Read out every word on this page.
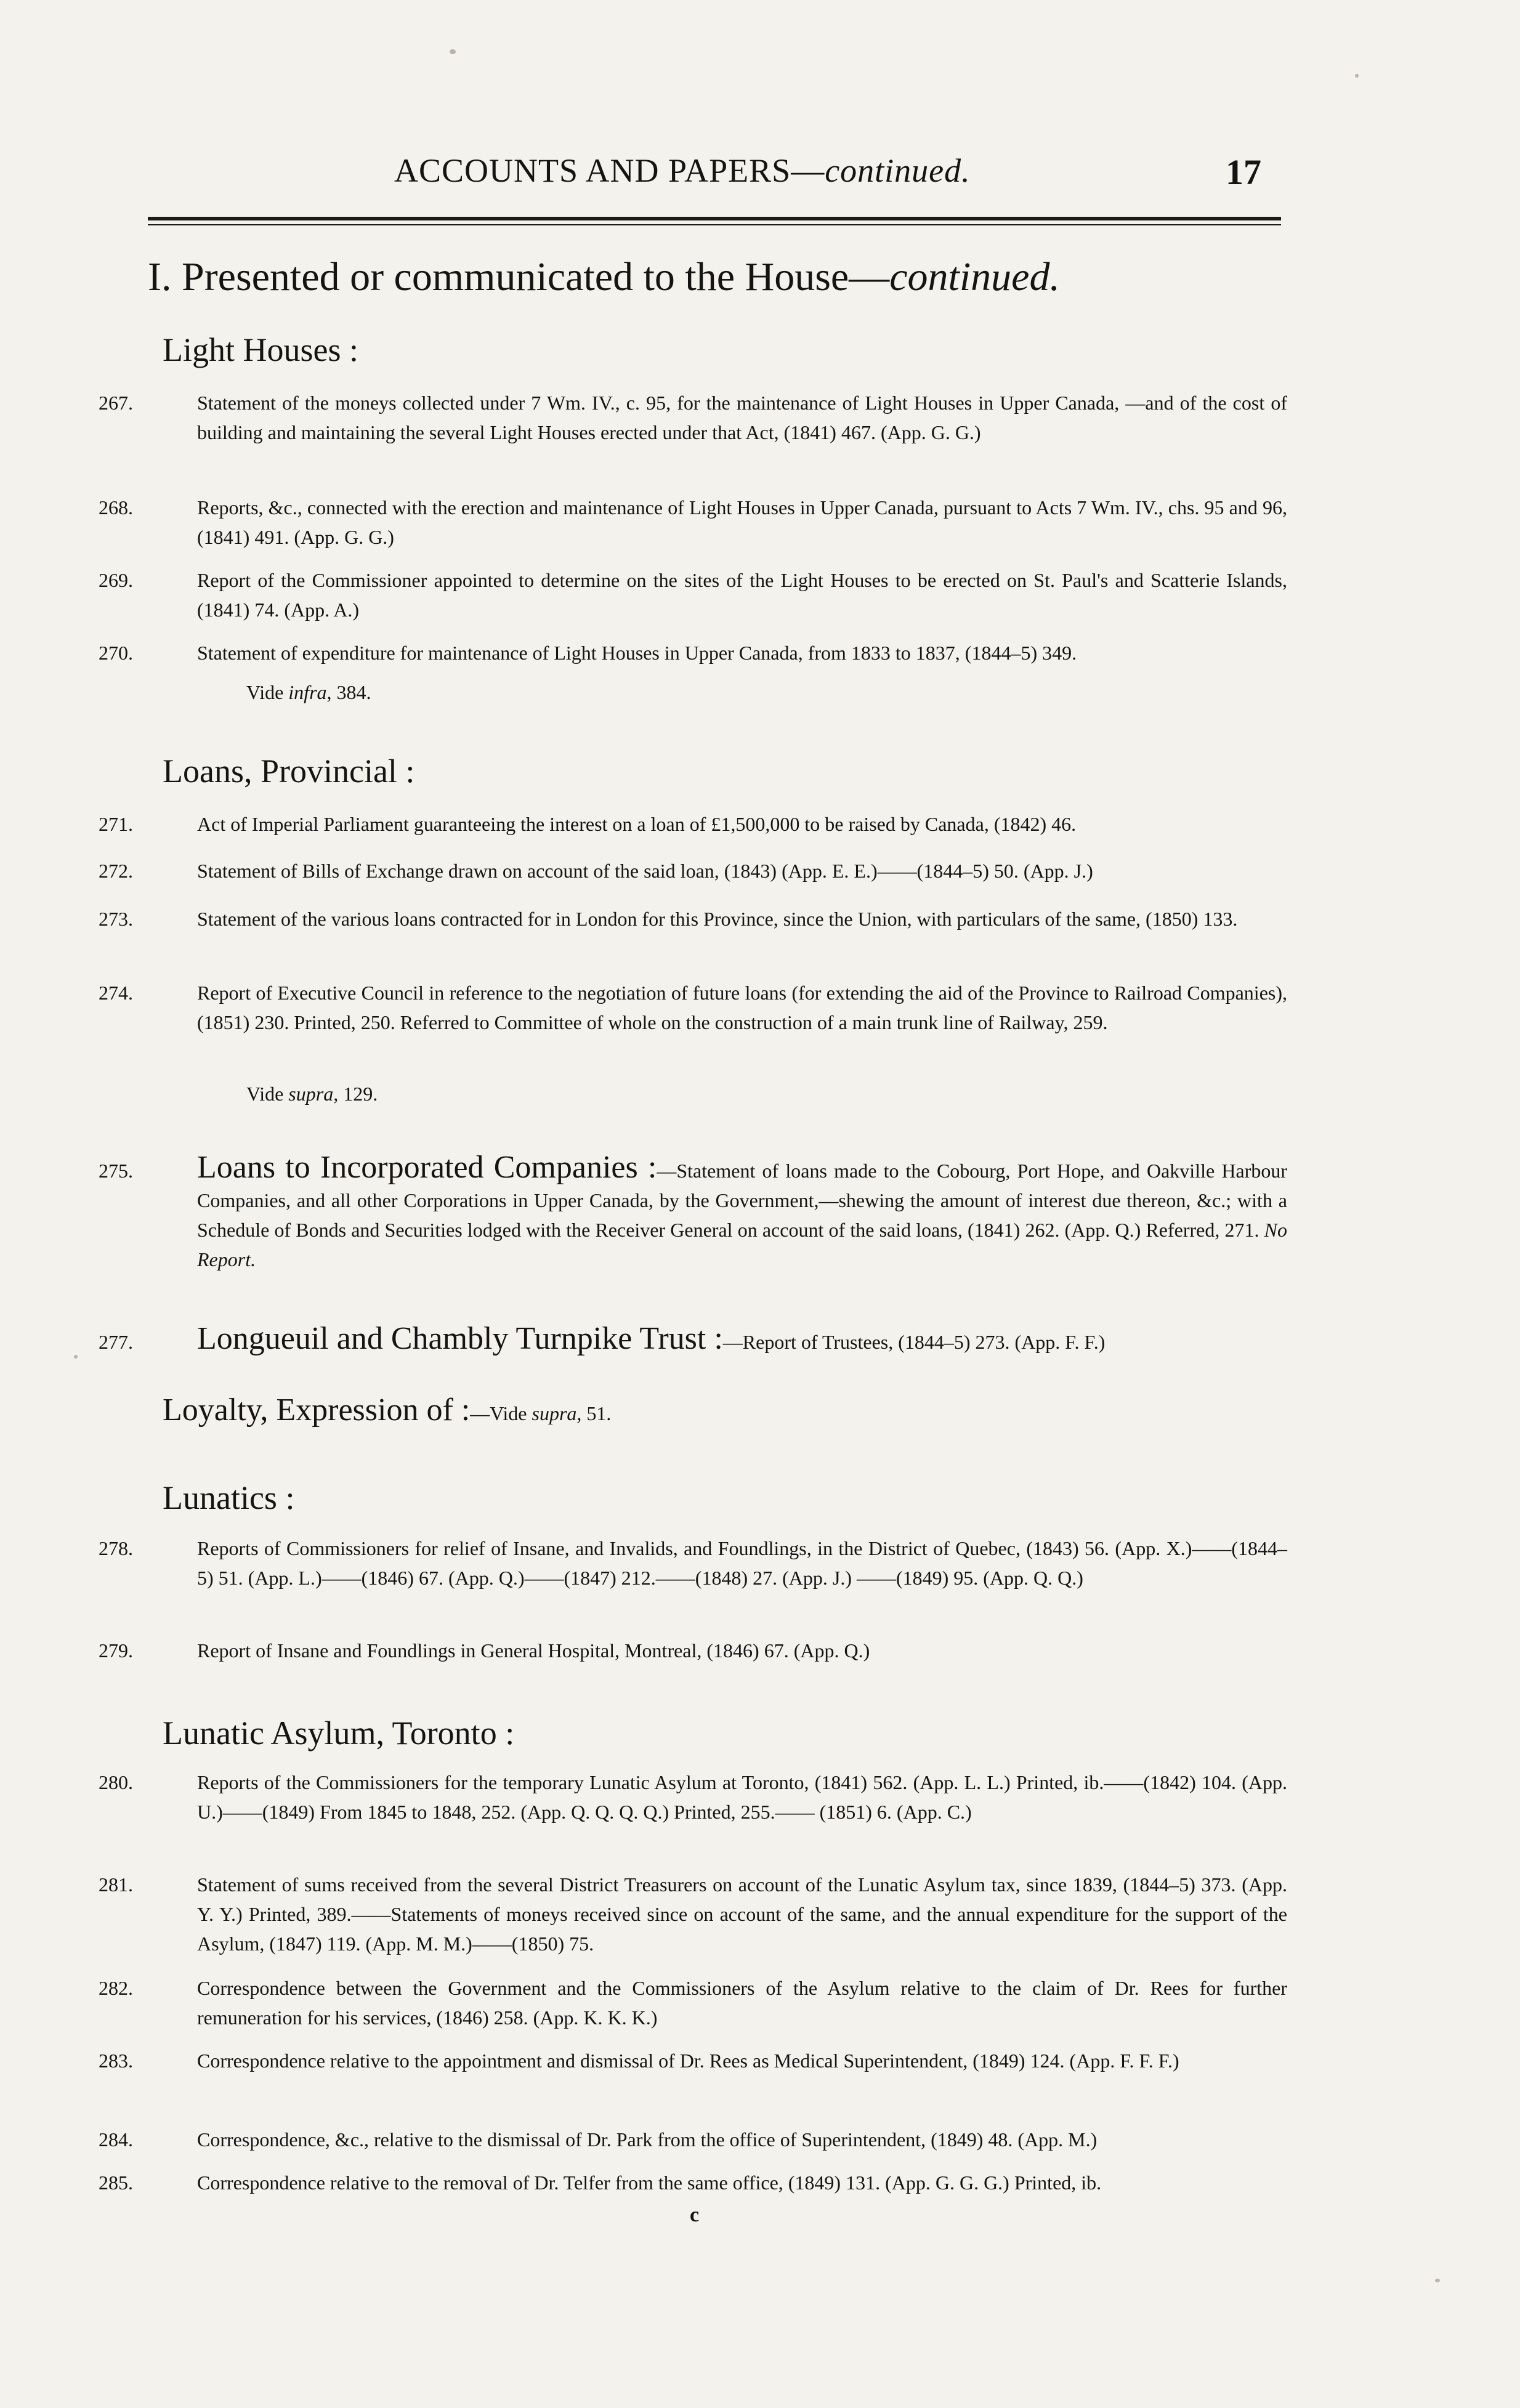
ACCOUNTS AND PAPERS—continued.	17
I. Presented or communicated to the House—continued.
Light Houses :
267.	Statement of the moneys collected under 7 Wm. IV., c. 95, for the maintenance of Light Houses in Upper Canada, —and of the cost of building and maintaining the several Light Houses erected under that Act, (1841) 467. (App. G. G.)
268.	Reports, &c., connected with the erection and maintenance of Light Houses in Upper Canada, pursuant to Acts 7 Wm. IV., chs. 95 and 96, (1841) 491. (App. G. G.)
269.	Report of the Commissioner appointed to determine on the sites of the Light Houses to be erected on St. Paul's and Scatterie Islands, (1841) 74. (App. A.)
270.	Statement of expenditure for maintenance of Light Houses in Upper Canada, from 1833 to 1837, (1844–5) 349.
Vide infra, 384.
Loans, Provincial :
271.	Act of Imperial Parliament guaranteeing the interest on a loan of £1,500,000 to be raised by Canada, (1842) 46.
272.	Statement of Bills of Exchange drawn on account of the said loan, (1843) (App. E. E.)——(1844–5) 50. (App. J.)
273.	Statement of the various loans contracted for in London for this Province, since the Union, with particulars of the same, (1850) 133.
274.	Report of Executive Council in reference to the negotiation of future loans (for extending the aid of the Province to Railroad Companies), (1851) 230. Printed, 250. Referred to Committee of whole on the construction of a main trunk line of Railway, 259.
Vide supra, 129.
275. Loans to Incorporated Companies :—Statement of loans made to the Cobourg, Port Hope, and Oakville Harbour Companies, and all other Corporations in Upper Canada, by the Government,—shewing the amount of interest due thereon, &c.; with a Schedule of Bonds and Securities lodged with the Receiver General on account of the said loans, (1841) 262. (App. Q.) Referred, 271. No Report.
277. Longueuil and Chambly Turnpike Trust :—Report of Trustees, (1844–5) 273. (App. F. F.)
Loyalty, Expression of :—Vide supra, 51.
Lunatics :
278.	Reports of Commissioners for relief of Insane, and Invalids, and Foundlings, in the District of Quebec, (1843) 56. (App. X.)——(1844–5) 51. (App. L.)——(1846) 67. (App. Q.)——(1847) 212.——(1848) 27. (App. J.) ——(1849) 95. (App. Q. Q.)
279.	Report of Insane and Foundlings in General Hospital, Montreal, (1846) 67. (App. Q.)
Lunatic Asylum, Toronto :
280.	Reports of the Commissioners for the temporary Lunatic Asylum at Toronto, (1841) 562. (App. L. L.) Printed, ib.——(1842) 104. (App. U.)——(1849) From 1845 to 1848, 252. (App. Q. Q. Q. Q.) Printed, 255.—— (1851) 6. (App. C.)
281.	Statement of sums received from the several District Treasurers on account of the Lunatic Asylum tax, since 1839, (1844–5) 373. (App. Y. Y.) Printed, 389.——Statements of moneys received since on account of the same, and the annual expenditure for the support of the Asylum, (1847) 119. (App. M. M.)——(1850) 75.
282.	Correspondence between the Government and the Commissioners of the Asylum relative to the claim of Dr. Rees for further remuneration for his services, (1846) 258. (App. K. K. K.)
283.	Correspondence relative to the appointment and dismissal of Dr. Rees as Medical Superintendent, (1849) 124. (App. F. F. F.)
284.	Correspondence, &c., relative to the dismissal of Dr. Park from the office of Superintendent, (1849) 48. (App. M.)
285.	Correspondence relative to the removal of Dr. Telfer from the same office, (1849) 131. (App. G. G. G.) Printed, ib.
c
